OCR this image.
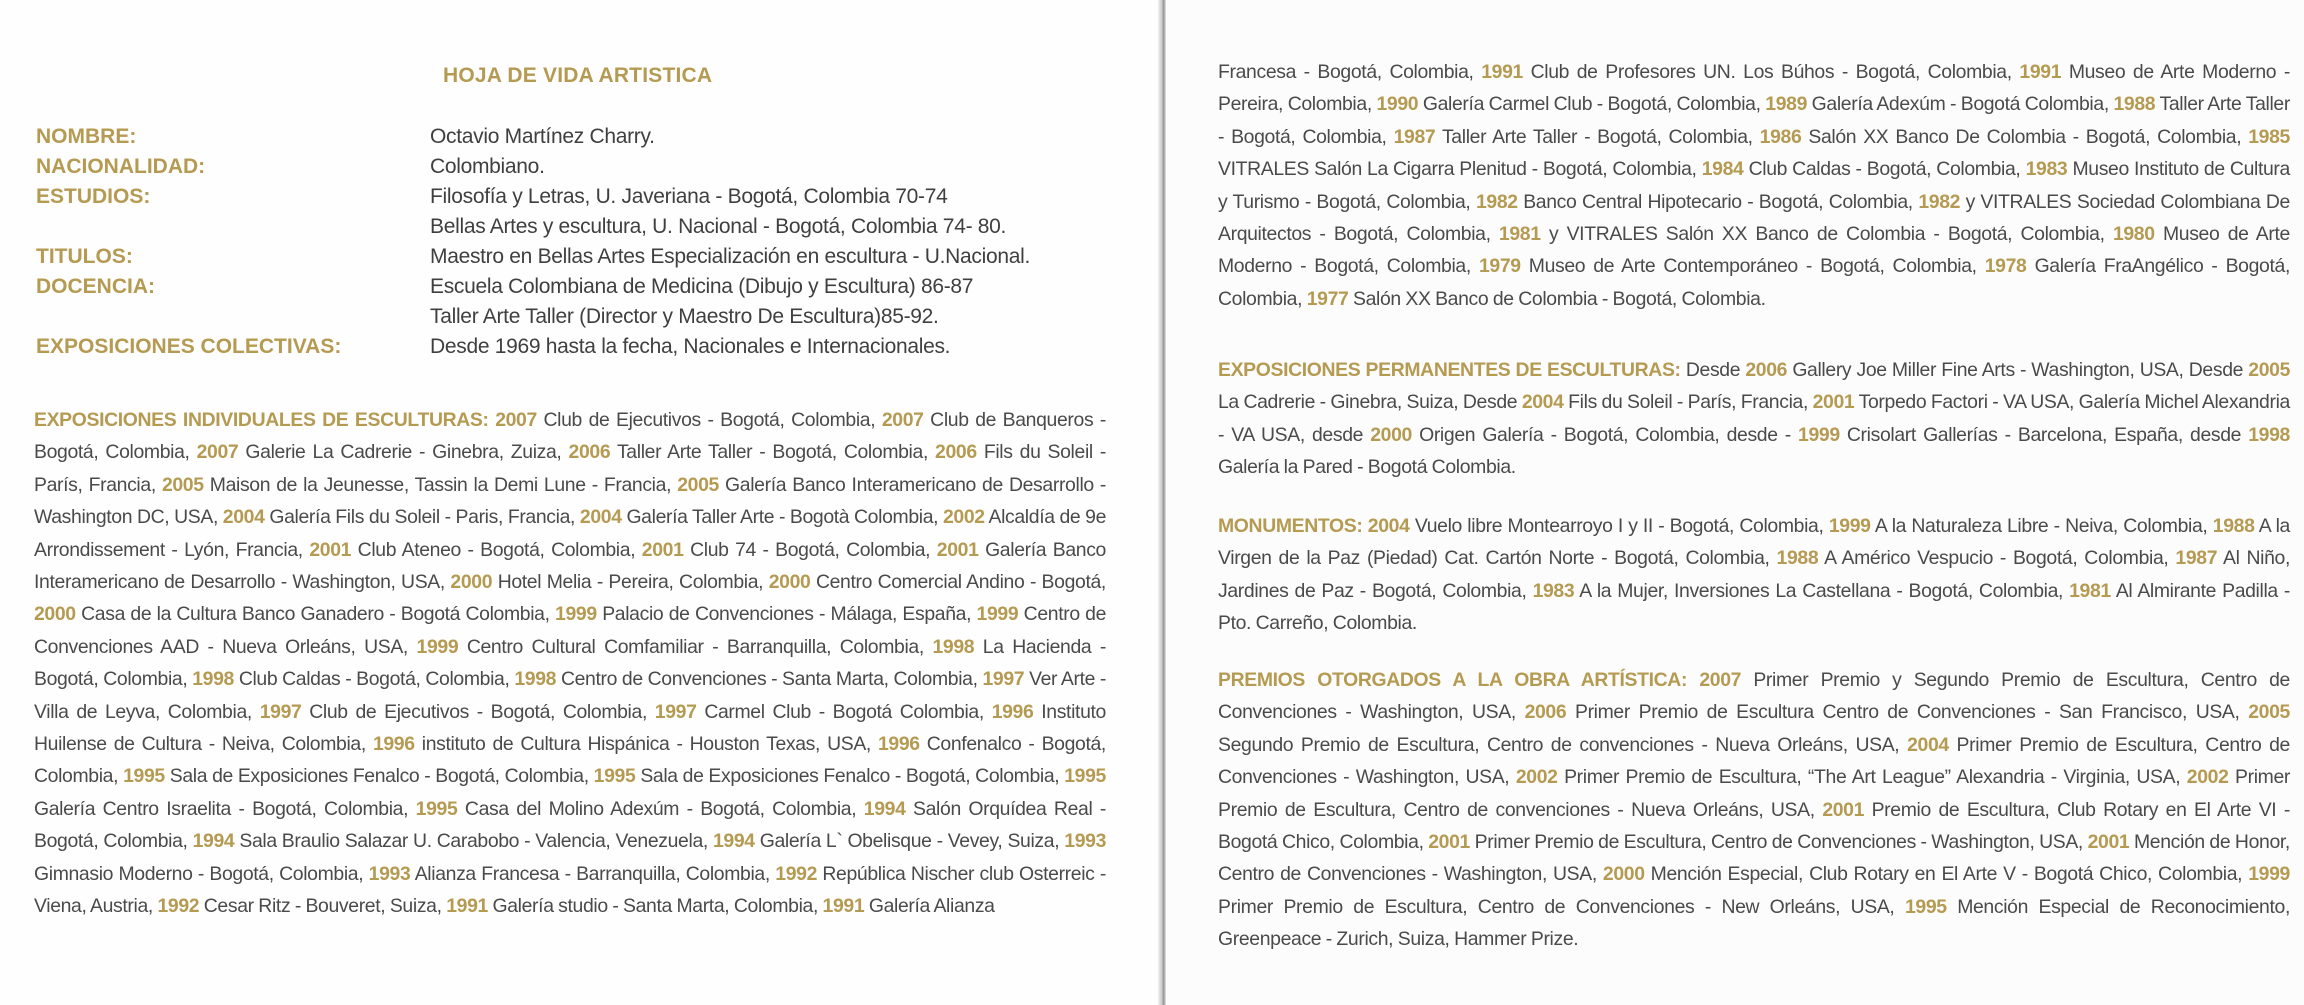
HOJA DE VIDA ARTISTICA
NOMBRE:	Octavio Martínez Charry.
NACIONALIDAD:	Colombiano.
ESTUDIOS:	Filosofía y Letras, U. Javeriana - Bogotá, Colombia 70-74
Bellas Artes y escultura, U. Nacional - Bogotá, Colombia 74- 80.
TITULOS:	Maestro en Bellas Artes Especialización en escultura - U.Nacional.
DOCENCIA:	Escuela Colombiana de Medicina (Dibujo y Escultura) 86-87
Taller Arte Taller (Director y Maestro De Escultura)85-92.
EXPOSICIONES COLECTIVAS:	Desde 1969 hasta la fecha, Nacionales e Internacionales.
EXPOSICIONES INDIVIDUALES DE ESCULTURAS: 2007 Club de Ejecutivos - Bogotá, Colombia, 2007 Club de Banqueros - Bogotá, Colombia, 2007 Galerie La Cadrerie - Ginebra, Zuiza, 2006 Taller Arte Taller - Bogotá, Colombia, 2006 Fils du Soleil - París, Francia, 2005 Maison de la Jeunesse, Tassin la Demi Lune - Francia, 2005 Galería Banco Interamericano de Desarrollo - Washington DC, USA, 2004 Galería Fils du Soleil - Paris, Francia, 2004 Galería Taller Arte - Bogotà Colombia, 2002 Alcaldía de 9e Arrondissement - Lyón, Francia, 2001 Club Ateneo - Bogotá, Colombia, 2001 Club 74 - Bogotá, Colombia, 2001 Galería Banco Interamericano de Desarrollo - Washington, USA, 2000 Hotel Melia - Pereira, Colombia, 2000 Centro Comercial Andino - Bogotá, 2000 Casa de la Cultura Banco Ganadero - Bogotá Colombia, 1999 Palacio de Convenciones - Málaga, España, 1999 Centro de Convenciones AAD - Nueva Orleáns, USA, 1999 Centro Cultural Comfamiliar - Barranquilla, Colombia, 1998 La Hacienda - Bogotá, Colombia, 1998 Club Caldas - Bogotá, Colombia, 1998 Centro de Convenciones - Santa Marta, Colombia, 1997 Ver Arte - Villa de Leyva, Colombia, 1997 Club de Ejecutivos - Bogotá, Colombia, 1997 Carmel Club - Bogotá Colombia, 1996 Instituto Huilense de Cultura - Neiva, Colombia, 1996 instituto de Cultura Hispánica - Houston Texas, USA, 1996 Confenalco - Bogotá, Colombia, 1995 Sala de Exposiciones Fenalco - Bogotá, Colombia, 1995 Sala de Exposiciones Fenalco - Bogotá, Colombia, 1995 Galería Centro Israelita - Bogotá, Colombia, 1995 Casa del Molino Adexúm - Bogotá, Colombia, 1994 Salón Orquídea Real - Bogotá, Colombia, 1994 Sala Braulio Salazar U. Carabobo - Valencia, Venezuela, 1994 Galería L` Obelisque - Vevey, Suiza, 1993 Gimnasio Moderno - Bogotá, Colombia, 1993 Alianza Francesa - Barranquilla, Colombia, 1992 República Nischer club Osterreic - Viena, Austria, 1992 Cesar Ritz - Bouveret, Suiza, 1991 Galería studio - Santa Marta, Colombia, 1991 Galería Alianza
Francesa - Bogotá, Colombia, 1991 Club de Profesores UN. Los Búhos - Bogotá, Colombia, 1991 Museo de Arte Moderno - Pereira, Colombia, 1990 Galería Carmel Club - Bogotá, Colombia, 1989 Galería Adexúm - Bogotá Colombia, 1988 Taller Arte Taller - Bogotá, Colombia, 1987 Taller Arte Taller - Bogotá, Colombia, 1986 Salón XX Banco De Colombia - Bogotá, Colombia, 1985 VITRALES Salón La Cigarra Plenitud - Bogotá, Colombia, 1984 Club Caldas - Bogotá, Colombia, 1983 Museo Instituto de Cultura y Turismo - Bogotá, Colombia, 1982 Banco Central Hipotecario - Bogotá, Colombia, 1982 y VITRALES Sociedad Colombiana De Arquitectos - Bogotá, Colombia, 1981 y VITRALES Salón XX Banco de Colombia - Bogotá, Colombia, 1980 Museo de Arte Moderno - Bogotá, Colombia, 1979 Museo de Arte Contemporáneo - Bogotá, Colombia, 1978 Galería FraAngélico - Bogotá, Colombia, 1977 Salón XX Banco de Colombia - Bogotá, Colombia.
EXPOSICIONES PERMANENTES DE ESCULTURAS: Desde 2006 Gallery Joe Miller Fine Arts - Washington, USA, Desde 2005 La Cadrerie - Ginebra, Suiza, Desde 2004 Fils du Soleil - París, Francia, 2001 Torpedo Factori - VA USA, Galería Michel Alexandria - VA USA, desde 2000 Origen Galería - Bogotá, Colombia, desde - 1999 Crisolart Gallerías - Barcelona, España, desde 1998 Galería la Pared - Bogotá Colombia.
MONUMENTOS: 2004 Vuelo libre Montearroyo I y II - Bogotá, Colombia, 1999 A la Naturaleza Libre - Neiva, Colombia, 1988 A la Virgen de la Paz (Piedad) Cat. Cartón Norte - Bogotá, Colombia, 1988 A Américo Vespucio - Bogotá, Colombia, 1987 Al Niño, Jardines de Paz - Bogotá, Colombia, 1983 A la Mujer, Inversiones La Castellana - Bogotá, Colombia, 1981 Al Almirante Padilla - Pto. Carreño, Colombia.
PREMIOS OTORGADOS A LA OBRA ARTÍSTICA: 2007 Primer Premio y Segundo Premio de Escultura, Centro de Convenciones - Washington, USA, 2006 Primer Premio de Escultura Centro de Convenciones - San Francisco, USA, 2005 Segundo Premio de Escultura, Centro de convenciones - Nueva Orleáns, USA, 2004 Primer Premio de Escultura, Centro de Convenciones - Washington, USA, 2002 Primer Premio de Escultura, “The Art League” Alexandria - Virginia, USA, 2002 Primer Premio de Escultura, Centro de convenciones - Nueva Orleáns, USA, 2001 Premio de Escultura, Club Rotary en El Arte VI - Bogotá Chico, Colombia, 2001 Primer Premio de Escultura, Centro de Convenciones - Washington, USA, 2001 Mención de Honor, Centro de Convenciones - Washington, USA, 2000 Mención Especial, Club Rotary en El Arte V - Bogotá Chico, Colombia, 1999 Primer Premio de Escultura, Centro de Convenciones - New Orleáns, USA, 1995 Mención Especial de Reconocimiento, Greenpeace - Zurich, Suiza, Hammer Prize.
